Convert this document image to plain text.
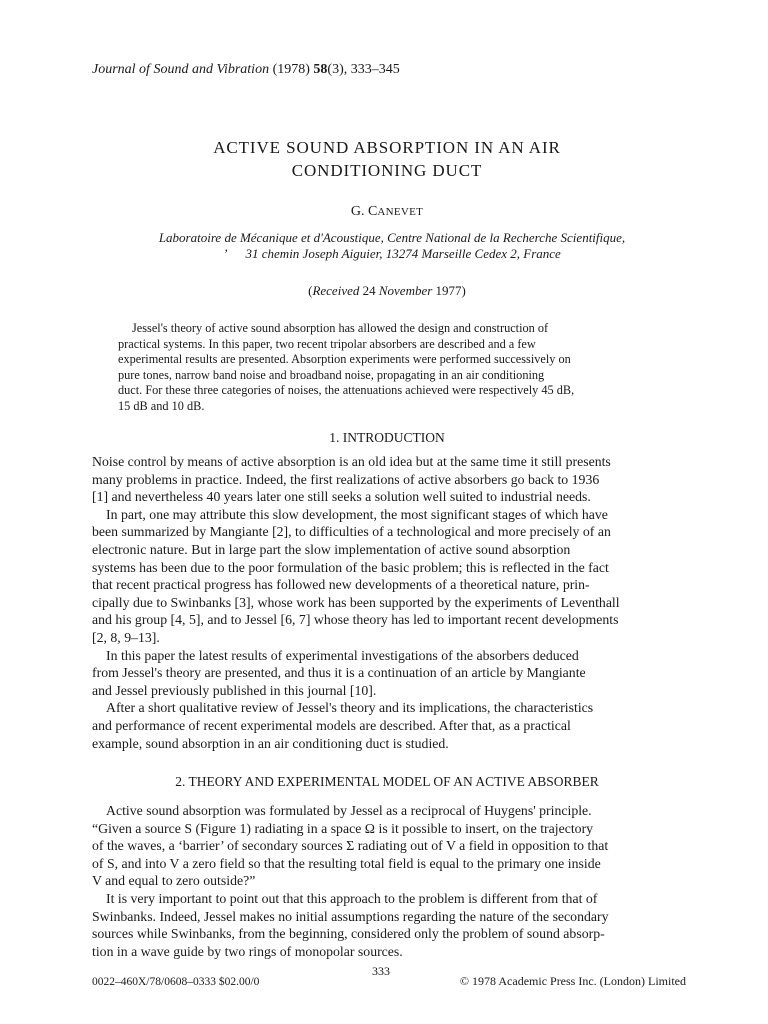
Journal of Sound and Vibration (1978) 58(3), 333–345
ACTIVE SOUND ABSORPTION IN AN AIR
CONDITIONING DUCT
G. CANEVET
Laboratoire de Mécanique et d'Acoustique, Centre National de la Recherche Scientifique,
’ 31 chemin Joseph Aiguier, 13274 Marseille Cedex 2, France
(Received 24 November 1977)
Jessel's theory of active sound absorption has allowed the design and construction of
practical systems. In this paper, two recent tripolar absorbers are described and a few
experimental results are presented. Absorption experiments were performed successively on
pure tones, narrow band noise and broadband noise, propagating in an air conditioning
duct. For these three categories of noises, the attenuations achieved were respectively 45 dB,
15 dB and 10 dB.
1. INTRODUCTION
Noise control by means of active absorption is an old idea but at the same time it still presents
many problems in practice. Indeed, the first realizations of active absorbers go back to 1936
[1] and nevertheless 40 years later one still seeks a solution well suited to industrial needs.
In part, one may attribute this slow development, the most significant stages of which have
been summarized by Mangiante [2], to difficulties of a technological and more precisely of an
electronic nature. But in large part the slow implementation of active sound absorption
systems has been due to the poor formulation of the basic problem; this is reflected in the fact
that recent practical progress has followed new developments of a theoretical nature, prin-
cipally due to Swinbanks [3], whose work has been supported by the experiments of Leventhall
and his group [4, 5], and to Jessel [6, 7] whose theory has led to important recent developments
[2, 8, 9–13].
In this paper the latest results of experimental investigations of the absorbers deduced
from Jessel's theory are presented, and thus it is a continuation of an article by Mangiante
and Jessel previously published in this journal [10].
After a short qualitative review of Jessel's theory and its implications, the characteristics
and performance of recent experimental models are described. After that, as a practical
example, sound absorption in an air conditioning duct is studied.
2. THEORY AND EXPERIMENTAL MODEL OF AN ACTIVE ABSORBER
Active sound absorption was formulated by Jessel as a reciprocal of Huygens' principle.
“Given a source S (Figure 1) radiating in a space Ω is it possible to insert, on the trajectory
of the waves, a ‘barrier’ of secondary sources Σ radiating out of V a field in opposition to that
of S, and into V a zero field so that the resulting total field is equal to the primary one inside
V and equal to zero outside?”
It is very important to point out that this approach to the problem is different from that of
Swinbanks. Indeed, Jessel makes no initial assumptions regarding the nature of the secondary
sources while Swinbanks, from the beginning, considered only the problem of sound absorp-
tion in a wave guide by two rings of monopolar sources.
333
0022–460X/78/0608–0333 $02.00/0	© 1978 Academic Press Inc. (London) Limited
